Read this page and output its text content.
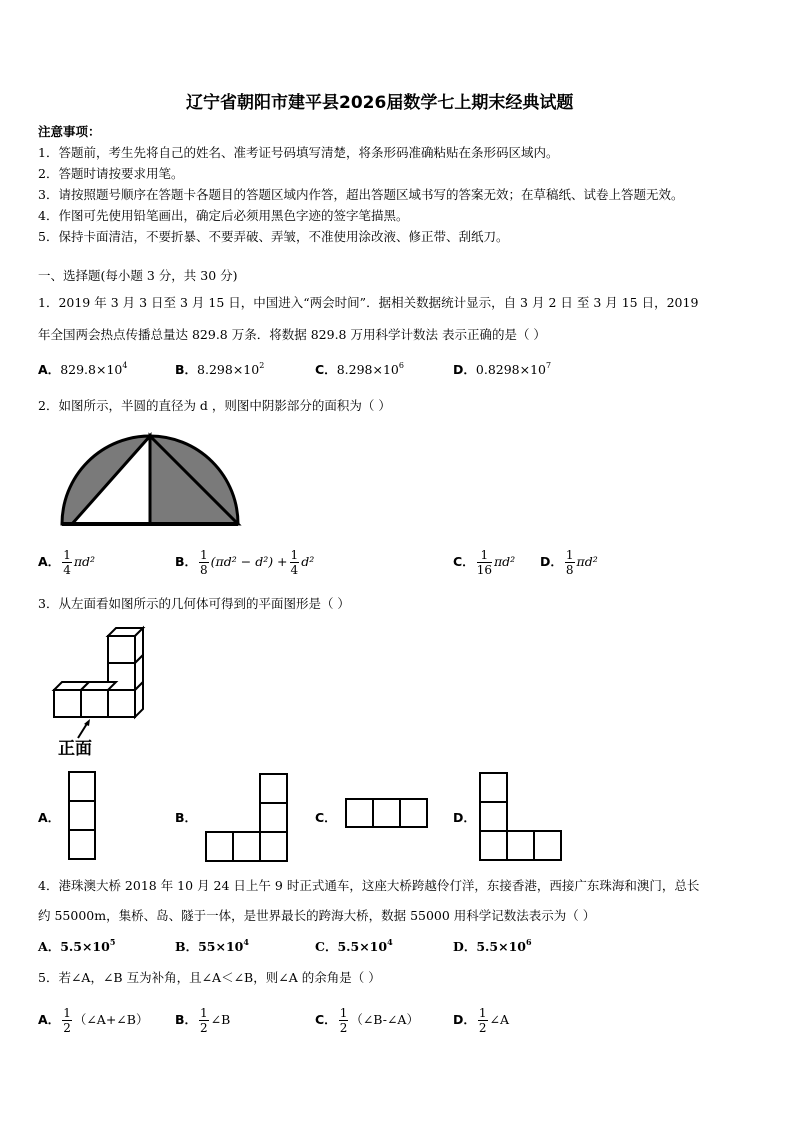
辽宁省朝阳市建平县2026届数学七上期末经典试题
注意事项：
1．答题前，考生先将自己的姓名、准考证号码填写清楚，将条形码准确粘贴在条形码区域内。
2．答题时请按要求用笔。
3．请按照题号顺序在答题卡各题目的答题区域内作答，超出答题区域书写的答案无效；在草稿纸、试卷上答题无效。
4．作图可先使用铅笔画出，确定后必须用黑色字迹的签字笔描黑。
5．保持卡面清洁，不要折暴、不要弄破、弄皱，不准使用涂改液、修正带、刮纸刀。
一、选择题(每小题 3 分，共 30 分)
1．2019 年 3 月 3 日至 3 月 15 日，中国进入“两会时间”．据相关数据统计显示，自 3 月 2 日 至 3 月 15 日，2019
年全国两会热点传播总量达 829.8 万条．将数据 829.8 万用科学计数法 表示正确的是（ ）
A．$829.8\times 10^4$	B．$8.298\times 10^2$	C．$8.298\times 10^6$	D．$0.8298\times 10^7$
2．如图所示，半圆的直径为 d ，则图中阴影部分的面积为（ ）
A． $\frac{1}{4} \pi d^2$	B． $\frac{1}{8} (\pi d^2 - d^2) + \frac{1}{4} d^2$	C． $\frac{1}{16} \pi d^2$ D． $\frac{1}{8} \pi d^2$
3．从左面看如图所示的几何体可得到的平面图形是（ ）
正面
A．	B．	C．	D．
4．港珠澳大桥 2018 年 10 月 24 日上午 9 时正式通车，这座大桥跨越伶仃洋，东接香港，西接广东珠海和澳门，总长
约 55000m，集桥、岛、隧于一体，是世界最长的跨海大桥，数据 55000 用科学记数法表示为（ ）
A．$5.5\times 10^5$	B．$55\times 10^4$	C．$5.5\times 10^4$	D．$5.5\times 10^6$
5．若∠A，∠B 互为补角，且∠A＜∠B，则∠A 的余角是（ ）
A． $\frac{1}{2}$ （∠A+∠B） B． $\frac{1}{2}$ ∠B	C． $\frac{1}{2}$ （∠B-∠A）	D． $\frac{1}{2}$ ∠A
